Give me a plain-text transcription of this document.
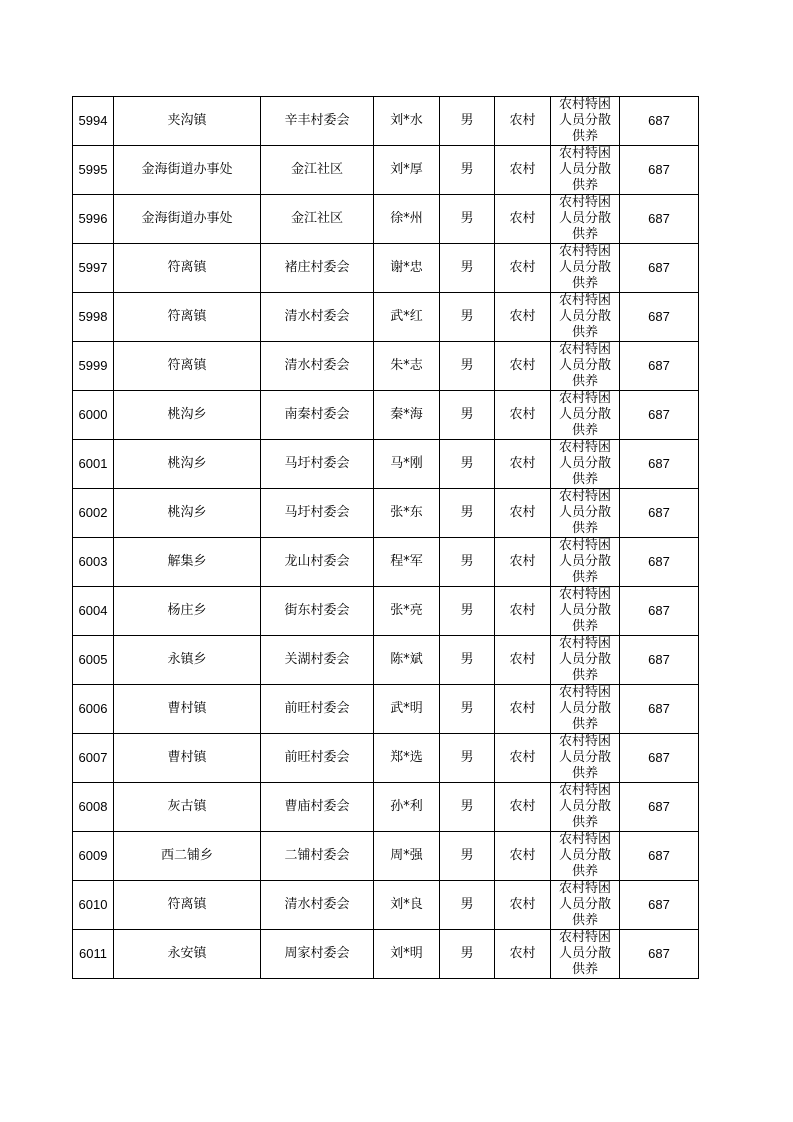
5994	夹沟镇	辛丰村委会	刘*水	男	农村	农村特困人员分散供养	687
5995	金海街道办事处	金江社区	刘*厚	男	农村	农村特困人员分散供养	687
5996	金海街道办事处	金江社区	徐*州	男	农村	农村特困人员分散供养	687
5997	符离镇	褚庄村委会	谢*忠	男	农村	农村特困人员分散供养	687
5998	符离镇	清水村委会	武*红	男	农村	农村特困人员分散供养	687
5999	符离镇	清水村委会	朱*志	男	农村	农村特困人员分散供养	687
6000	桃沟乡	南秦村委会	秦*海	男	农村	农村特困人员分散供养	687
6001	桃沟乡	马圩村委会	马*刚	男	农村	农村特困人员分散供养	687
6002	桃沟乡	马圩村委会	张*东	男	农村	农村特困人员分散供养	687
6003	解集乡	龙山村委会	程*军	男	农村	农村特困人员分散供养	687
6004	杨庄乡	街东村委会	张*亮	男	农村	农村特困人员分散供养	687
6005	永镇乡	关湖村委会	陈*斌	男	农村	农村特困人员分散供养	687
6006	曹村镇	前旺村委会	武*明	男	农村	农村特困人员分散供养	687
6007	曹村镇	前旺村委会	郑*选	男	农村	农村特困人员分散供养	687
6008	灰古镇	曹庙村委会	孙*利	男	农村	农村特困人员分散供养	687
6009	西二铺乡	二铺村委会	周*强	男	农村	农村特困人员分散供养	687
6010	符离镇	清水村委会	刘*良	男	农村	农村特困人员分散供养	687
6011	永安镇	周家村委会	刘*明	男	农村	农村特困人员分散供养	687
